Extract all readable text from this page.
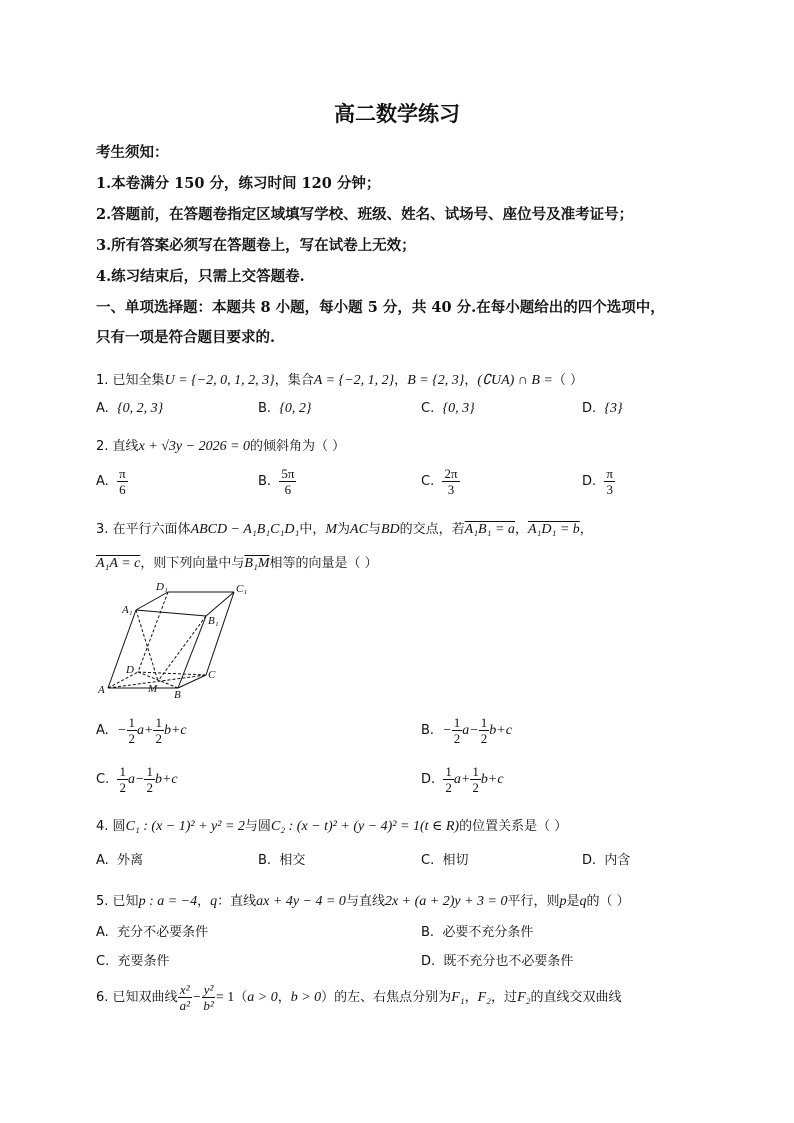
高二数学练习
考生须知：
1.本卷满分 150 分，练习时间 120 分钟；
2.答题前，在答题卷指定区域填写学校、班级、姓名、试场号、座位号及准考证号；
3.所有答案必须写在答题卷上，写在试卷上无效；
4.练习结束后，只需上交答题卷.
一、单项选择题：本题共 8 小题，每小题 5 分，共 40 分.在每小题给出的四个选项中，
只有一项是符合题目要求的.
1. 已知全集U = {−2, 0, 1, 2, 3}，集合A = {−2, 1, 2}，B = {2, 3}，(∁UA) ∩ B =（ ）
A. {0, 2, 3}	B. {0, 2}	C. {0, 3}	D. {3}
2. 直线x + √3y − 2026 = 0的倾斜角为（ ）
A. $\frac{\pi}{6}$	B. $\frac{5\pi}{6}$	C. $\frac{2\pi}{3}$	D. $\frac{\pi}{3}$
3. 在平行六面体ABCD − A₁B₁C₁D₁中，M为AC与BD的交点，若A₁B₁ = a，A₁D₁ = b，
A₁A = c，则下列向量中与B₁M相等的向量是（ ）
D₁	C₁
A₁
B₁
D	C
A	M B
A. − $\frac{1}{2} a+ \frac{1}{2} b+c$	B. − $\frac{1}{2} a- \frac{1}{2} b+c$
C. $\frac{1}{2} a- \frac{1}{2} b+c$	D. $\frac{1}{2} a+ \frac{1}{2} b+c$
4. 圆C₁ : (x − 1)² + y² = 2与圆C₂ : (x − t)² + (y − 4)² = 1(t ∈ R)的位置关系是（ ）
A. 外离	B. 相交	C. 相切	D. 内含
5. 已知p : a = −4，q：直线ax + 4y − 4 = 0与直线2x + (a + 2)y + 3 = 0平行，则p是q的（ ）
A. 充分不必要条件	B. 必要不充分条件
C. 充要条件	D. 既不充分也不必要条件
6. 已知双曲线 $\frac{\text{x²}}{\text{a²}} - \frac{\text{y²}}{\text{b²}} = 1(a > 0$，b > 0）的左、右焦点分别为F₁，F₂，过F₂的直线交双曲线
